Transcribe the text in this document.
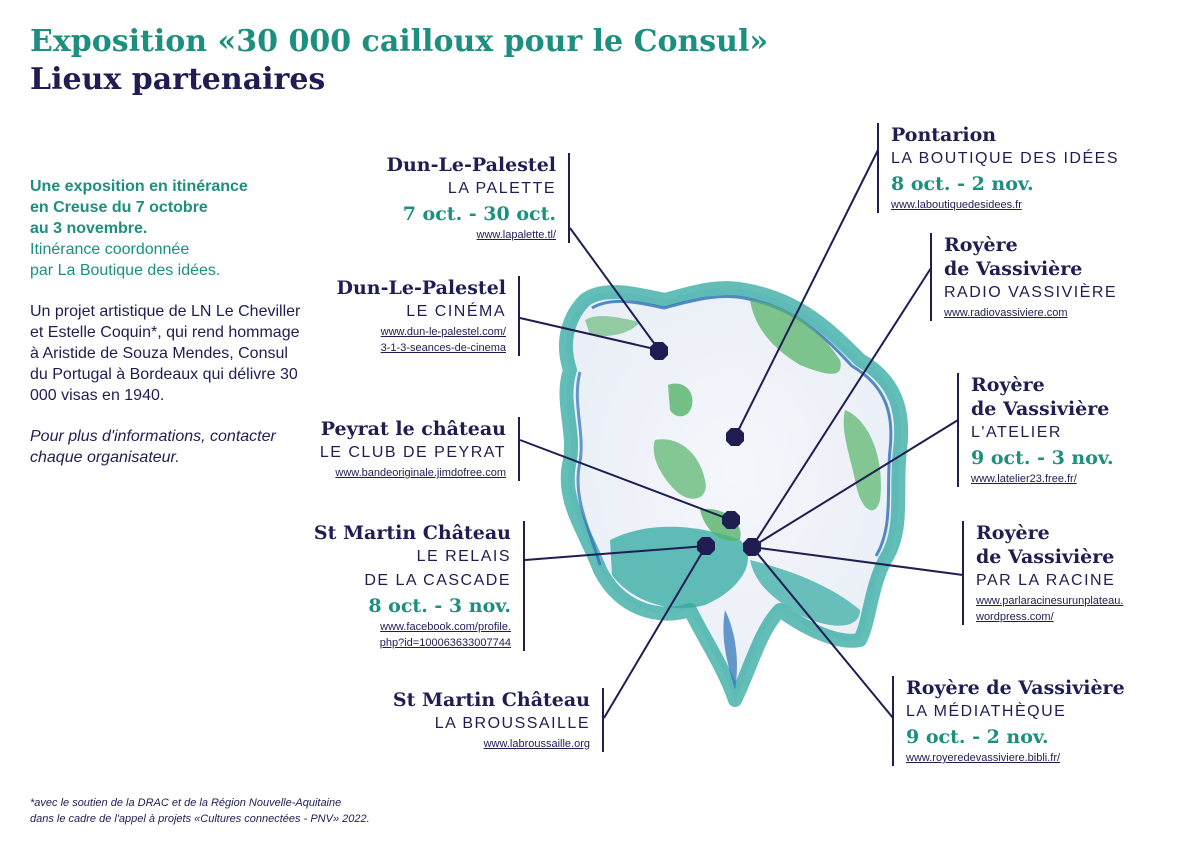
Exposition «30 000 cailloux pour le Consul»
Lieux partenaires

Une exposition en itinérance
en Creuse du 7 octobre
au 3 novembre.
Itinérance coordonnée
par La Boutique des idées.

Un projet artistique de LN Le Cheviller et Estelle Coquin*, qui rend hommage à Aristide de Souza Mendes, Consul du Portugal à Bordeaux qui délivre 30 000 visas en 1940.

Pour plus d'informations, contacter chaque organisateur.

Dun-Le-Palestel
LA PALETTE
7 oct. - 30 oct.
www.lapalette.tl/
Dun-Le-Palestel
LE CINÉMA
www.dun-le-palestel.com/
3-1-3-seances-de-cinema
Peyrat le château
LE CLUB DE PEYRAT
www.bandeoriginale.jimdofree.com
St Martin Château
LE RELAIS
DE LA CASCADE
8 oct. - 3 nov.
www.facebook.com/profile.
php?id=100063633007744
St Martin Château
LA BROUSSAILLE
www.labroussaille.org
Pontarion
LA BOUTIQUE DES IDÉES
8 oct. - 2 nov.
www.laboutiquedesidees.fr
Royère
de Vassivière
RADIO VASSIVIÈRE
www.radiovassiviere.com
Royère
de Vassivière
L'ATELIER
9 oct. - 3 nov.
www.latelier23.free.fr/
Royère
de Vassivière
PAR LA RACINE
www.parlaracinesurunplateau.
wordpress.com/
Royère de Vassivière
LA MÉDIATHÈQUE
9 oct. - 2 nov.
www.royeredevassiviere.bibli.fr/
*avec le soutien de la DRAC et de la Région Nouvelle-Aquitaine
dans le cadre de l'appel à projets «Cultures connectées - PNV» 2022.
